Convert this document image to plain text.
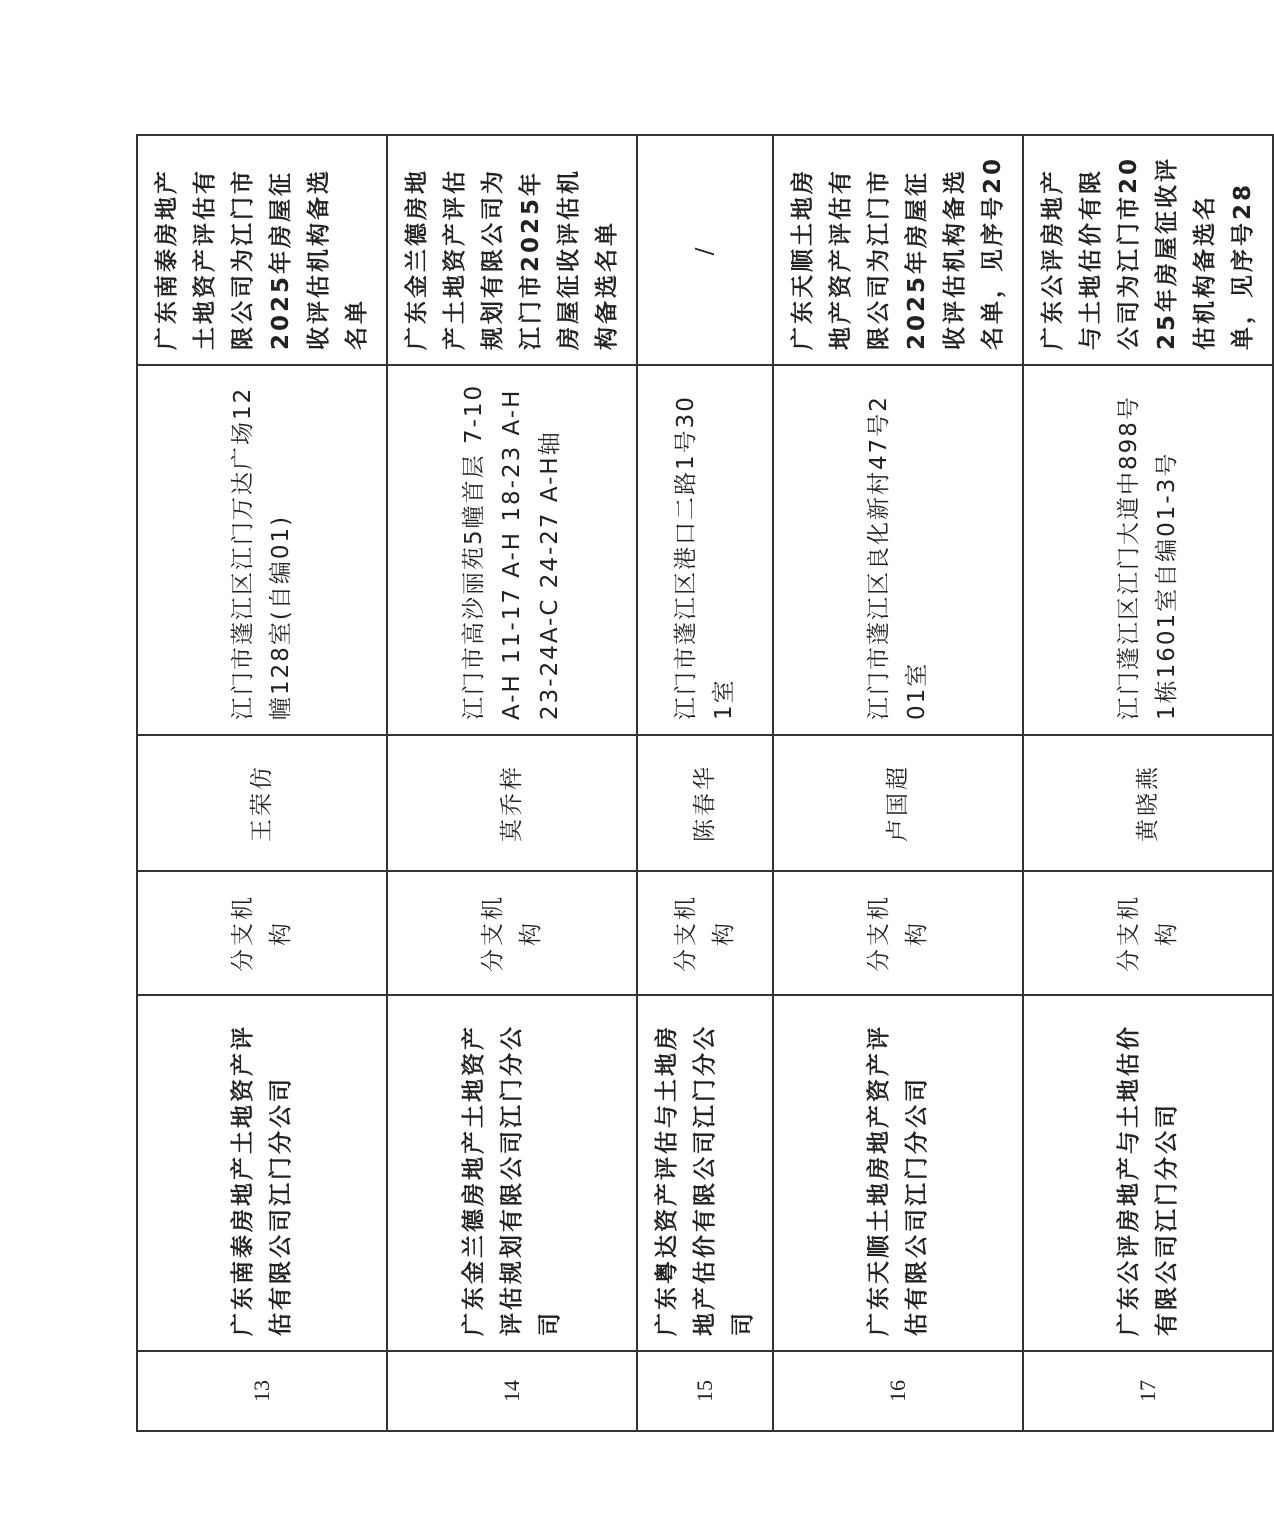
13	广东南泰房地产土地资产评估有限公司江门分公司	分支机构	王荣仿	江门市蓬江区江门万达广场12幢128室(自编01)	广东南泰房地产土地资产评估有限公司为江门市2025年房屋征收评估机构备选名单
14	广东金兰德房地产土地资产评估规划有限公司江门分公司	分支机构	莫乔梓	江门市高沙丽苑5幢首层 7-10 A-H 11-17 A-H 18-23 A-H 23-24A-C 24-27 A-H轴	广东金兰德房地产土地资产评估规划有限公司为江门市2025年房屋征收评估机构备选名单
15	广东粤达资产评估与土地房地产估价有限公司江门分公司	分支机构	陈春华	江门市蓬江区港口二路1号301室	/
16	广东天顺土地房地产资产评估有限公司江门分公司	分支机构	卢国超	江门市蓬江区良化新村47号201室	广东天顺土地房地产资产评估有限公司为江门市2025年房屋征收评估机构备选名单，见序号20
17	广东公评房地产与土地估价有限公司江门分公司	分支机构	黄晓燕	江门蓬江区江门大道中898号1栋1601室自编01-3号	广东公评房地产与土地估价有限公司为江门市2025年房屋征收评估机构备选名单，见序号28
